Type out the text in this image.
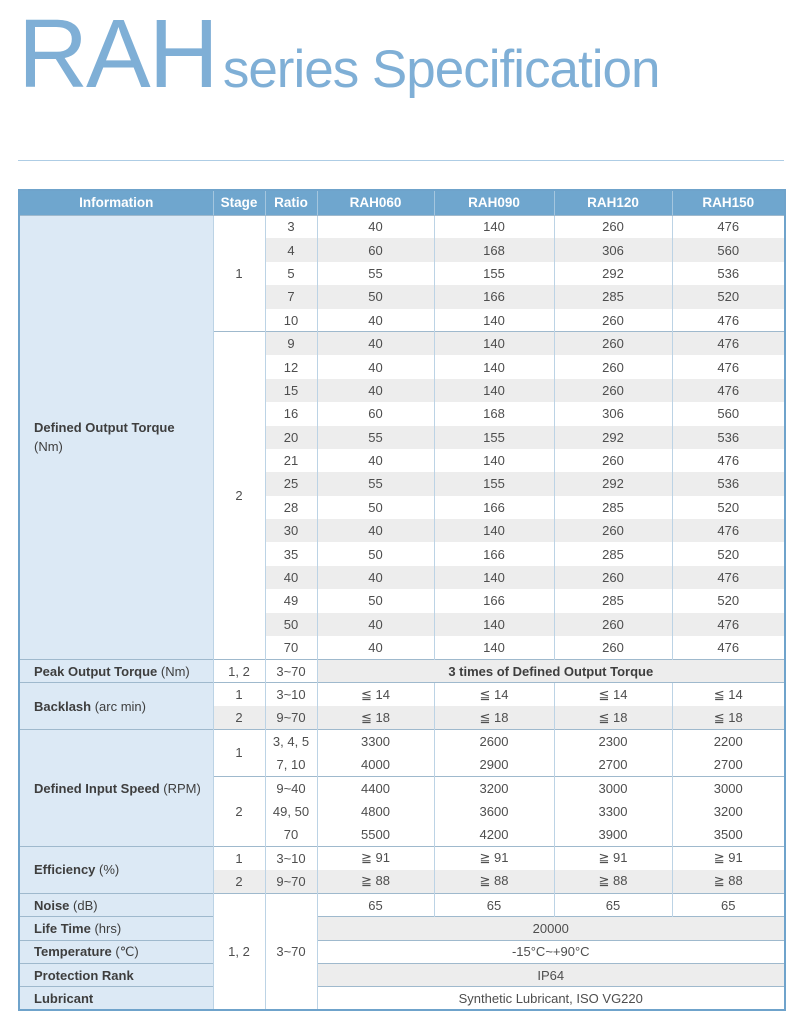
RAH series Specification
Information	Stage	Ratio	RAH060	RAH090	RAH120	RAH150
Defined Output Torque
(Nm)	1	3	40	140	260	476
		4	60	168	306	560
		5	55	155	292	536
		7	50	166	285	520
		10	40	140	260	476
	2	9	40	140	260	476
		12	40	140	260	476
		15	40	140	260	476
		16	60	168	306	560
		20	55	155	292	536
		21	40	140	260	476
		25	55	155	292	536
		28	50	166	285	520
		30	40	140	260	476
		35	50	166	285	520
		40	40	140	260	476
		49	50	166	285	520
		50	40	140	260	476
		70	40	140	260	476
Peak Output Torque (Nm)	1, 2	3~70	3 times of Defined Output Torque			
Backlash (arc min)	1	3~10	≦ 14	≦ 14	≦ 14	≦ 14
	2	9~70	≦ 18	≦ 18	≦ 18	≦ 18
Defined Input Speed (RPM)	1	3, 4, 5	3300	2600	2300	2200
		7, 10	4000	2900	2700	2700
	2	9~40	4400	3200	3000	3000
		49, 50	4800	3600	3300	3200
		70	5500	4200	3900	3500
Efficiency (%)	1	3~10	≧ 91	≧ 91	≧ 91	≧ 91
	2	9~70	≧ 88	≧ 88	≧ 88	≧ 88
Noise (dB)	1, 2	3~70	65	65	65	65
Life Time (hrs)			20000			
Temperature (℃)			-15°C~+90°C			
Protection Rank			IP64			
Lubricant			Synthetic Lubricant, ISO VG220			
